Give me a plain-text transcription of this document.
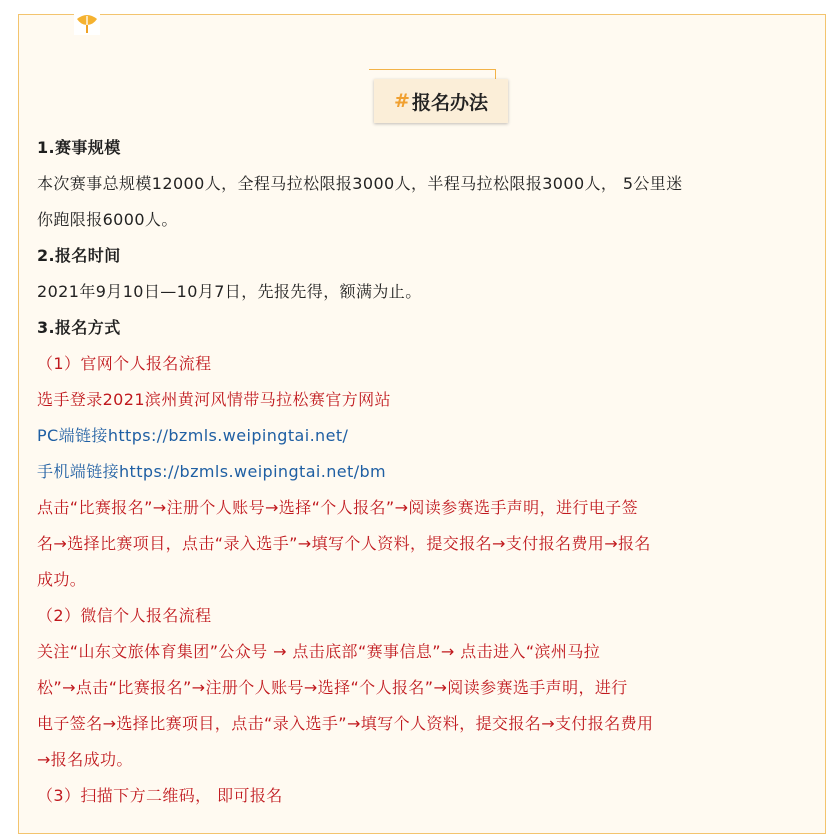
# 报名办法

1.赛事规模

本次赛事总规模12000人，全程马拉松限报3000人，半程马拉松限报3000人， 5公里迷

你跑限报6000人。

2.报名时间

2021年9月10日—10月7日，先报先得，额满为止。

3.报名方式

（1）官网个人报名流程

选手登录2021滨州黄河风情带马拉松赛官方网站

PC端链接https://bzmls.weipingtai.net/

手机端链接https://bzmls.weipingtai.net/bm

点击“比赛报名”→注册个人账号→选择“个人报名”→阅读参赛选手声明，进行电子签

名→选择比赛项目，点击“录入选手”→填写个人资料，提交报名→支付报名费用→报名

成功。

（2）微信个人报名流程

关注“山东文旅体育集团”公众号 → 点击底部“赛事信息”→ 点击进入“滨州马拉

松”→点击“比赛报名”→注册个人账号→选择“个人报名”→阅读参赛选手声明，进行

电子签名→选择比赛项目，点击“录入选手”→填写个人资料，提交报名→支付报名费用

→报名成功。

（3）扫描下方二维码， 即可报名
